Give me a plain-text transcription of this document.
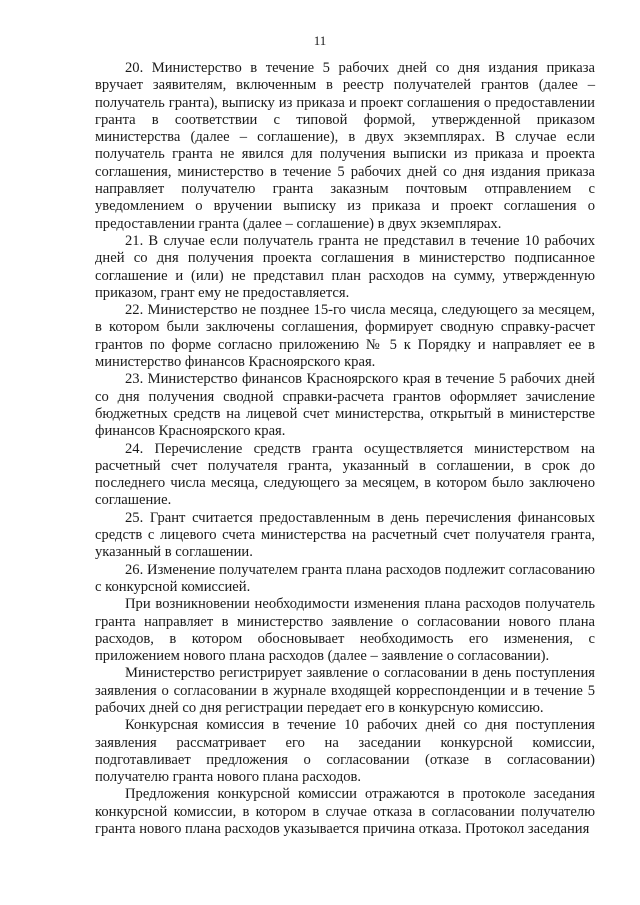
11

20. Министерство в течение 5 рабочих дней со дня издания приказа вручает заявителям, включенным в реестр получателей грантов (далее – получатель гранта), выписку из приказа и проект соглашения о предоставлении гранта в соответствии с типовой формой, утвержденной приказом министерства (далее – соглашение), в двух экземплярах. В случае если получатель гранта не явился для получения выписки из приказа и проекта соглашения, министерство в течение 5 рабочих дней со дня издания приказа направляет получателю гранта заказным почтовым отправлением с уведомлением о вручении выписку из приказа и проект соглашения о предоставлении гранта (далее – соглашение) в двух экземплярах.

21. В случае если получатель гранта не представил в течение 10 рабочих дней со дня получения проекта соглашения в министерство подписанное соглашение и (или) не представил план расходов на сумму, утвержденную приказом, грант ему не предоставляется.

22. Министерство не позднее 15-го числа месяца, следующего за месяцем, в котором были заключены соглашения, формирует сводную справку-расчет грантов по форме согласно приложению № 5 к Порядку и направляет ее в министерство финансов Красноярского края.

23. Министерство финансов Красноярского края в течение 5 рабочих дней со дня получения сводной справки-расчета грантов оформляет зачисление бюджетных средств на лицевой счет министерства, открытый в министерстве финансов Красноярского края.

24. Перечисление средств гранта осуществляется министерством на расчетный счет получателя гранта, указанный в соглашении, в срок до последнего числа месяца, следующего за месяцем, в котором было заключено соглашение.

25. Грант считается предоставленным в день перечисления финансовых средств с лицевого счета министерства на расчетный счет получателя гранта, указанный в соглашении.

26. Изменение получателем гранта плана расходов подлежит согласованию с конкурсной комиссией.

При возникновении необходимости изменения плана расходов получатель гранта направляет в министерство заявление о согласовании нового плана расходов, в котором обосновывает необходимость его изменения, с приложением нового плана расходов (далее – заявление о согласовании).

Министерство регистрирует заявление о согласовании в день поступления заявления о согласовании в журнале входящей корреспонденции и в течение 5 рабочих дней со дня регистрации передает его в конкурсную комиссию.

Конкурсная комиссия в течение 10 рабочих дней со дня поступления заявления рассматривает его на заседании конкурсной комиссии, подготавливает предложения о согласовании (отказе в согласовании) получателю гранта нового плана расходов.

Предложения конкурсной комиссии отражаются в протоколе заседания конкурсной комиссии, в котором в случае отказа в согласовании получателю гранта нового плана расходов указывается причина отказа. Протокол заседания
